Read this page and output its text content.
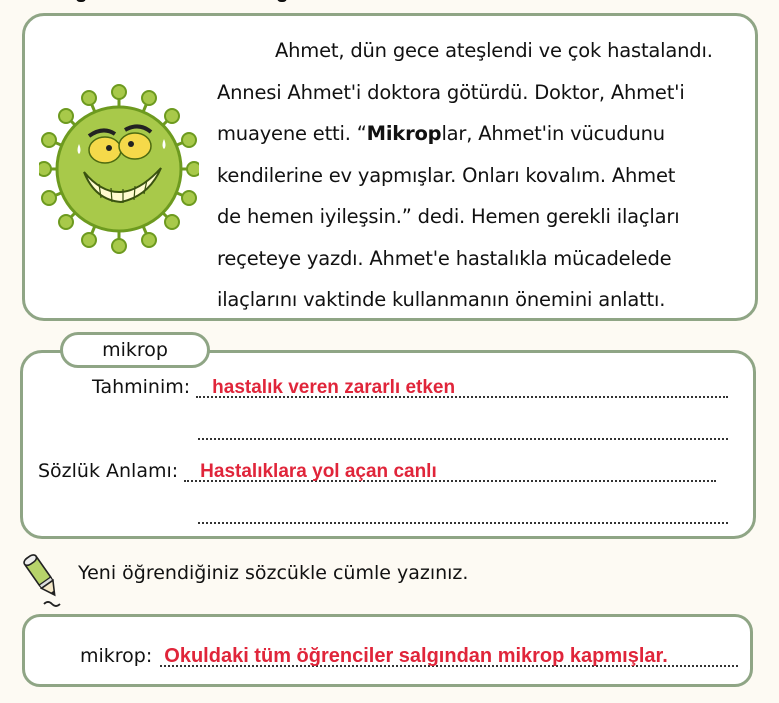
Ahmet, dün gece ateşlendi ve çok hastalandı.
Annesi Ahmet'i doktora götürdü. Doktor, Ahmet'i
muayene etti. “Mikroplar, Ahmet'in vücudunu
kendilerine ev yapmışlar. Onları kovalım. Ahmet
de hemen iyileşsin.” dedi. Hemen gerekli ilaçları
reçeteye yazdı. Ahmet'e hastalıkla mücadelede
ilaçlarını vaktinde kullanmanın önemini anlattı.
mikrop
Tahminim: hastalık veren zararlı etken
Sözlük Anlamı: Hastalıklara yol açan canlı
Yeni öğrendiğiniz sözcükle cümle yazınız.
mikrop: Okuldaki tüm öğrenciler salgından mikrop kapmışlar.
